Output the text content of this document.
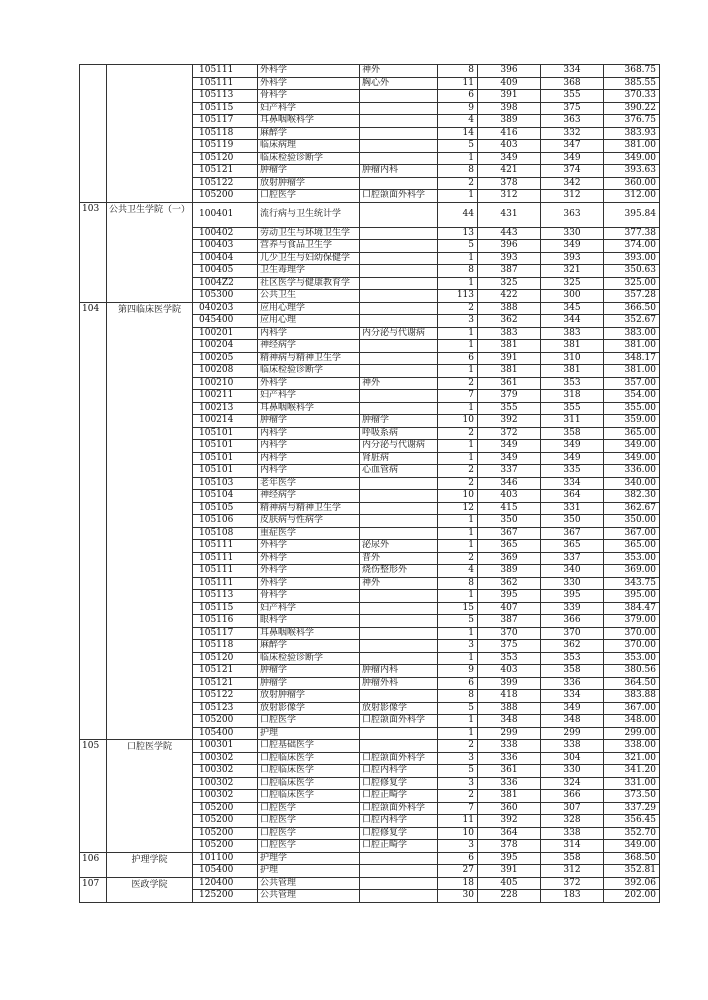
		105111	外科学	神外	8	396	334	368.75
		105111	外科学	胸心外	11	409	368	385.55
		105113	骨科学		6	391	355	370.33
		105115	妇产科学		9	398	375	390.22
		105117	耳鼻咽喉科学		4	389	363	376.75
		105118	麻醉学		14	416	332	383.93
		105119	临床病理		5	403	347	381.00
		105120	临床检验诊断学		1	349	349	349.00
		105121	肿瘤学	肿瘤内科	8	421	374	393.63
		105122	放射肿瘤学		2	378	342	360.00
		105200	口腔医学	口腔颌面外科学	1	312	312	312.00
103	公共卫生学院（一）	100401	流行病与卫生统计学		44	431	363	395.84
		100402	劳动卫生与环境卫生学		13	443	330	377.38
		100403	营养与食品卫生学		5	396	349	374.00
		100404	儿少卫生与妇幼保健学		1	393	393	393.00
		100405	卫生毒理学		8	387	321	350.63
		1004Z2	社区医学与健康教育学		1	325	325	325.00
		105300	公共卫生		113	422	300	357.28
104	第四临床医学院	040203	应用心理学		2	388	345	366.50
		045400	应用心理		3	362	344	352.67
		100201	内科学	内分泌与代谢病	1	383	383	383.00
		100204	神经病学		1	381	381	381.00
		100205	精神病与精神卫生学		6	391	310	348.17
		100208	临床检验诊断学		1	381	381	381.00
		100210	外科学	神外	2	361	353	357.00
		100211	妇产科学		7	379	318	354.00
		100213	耳鼻咽喉科学		1	355	355	355.00
		100214	肿瘤学	肿瘤学	10	392	311	359.00
		105101	内科学	呼吸系病	2	372	358	365.00
		105101	内科学	内分泌与代谢病	1	349	349	349.00
		105101	内科学	肾脏病	1	349	349	349.00
		105101	内科学	心血管病	2	337	335	336.00
		105103	老年医学		2	346	334	340.00
		105104	神经病学		10	403	364	382.30
		105105	精神病与精神卫生学		12	415	331	362.67
		105106	皮肤病与性病学		1	350	350	350.00
		105108	重症医学		1	367	367	367.00
		105111	外科学	泌尿外	1	365	365	365.00
		105111	外科学	普外	2	369	337	353.00
		105111	外科学	烧伤整形外	4	389	340	369.00
		105111	外科学	神外	8	362	330	343.75
		105113	骨科学		1	395	395	395.00
		105115	妇产科学		15	407	339	384.47
		105116	眼科学		5	387	366	379.00
		105117	耳鼻咽喉科学		1	370	370	370.00
		105118	麻醉学		3	375	362	370.00
		105120	临床检验诊断学		1	353	353	353.00
		105121	肿瘤学	肿瘤内科	9	403	358	380.56
		105121	肿瘤学	肿瘤外科	6	399	336	364.50
		105122	放射肿瘤学		8	418	334	383.88
		105123	放射影像学	放射影像学	5	388	349	367.00
		105200	口腔医学	口腔颌面外科学	1	348	348	348.00
		105400	护理		1	299	299	299.00
105	口腔医学院	100301	口腔基础医学		2	338	338	338.00
		100302	口腔临床医学	口腔颌面外科学	3	336	304	321.00
		100302	口腔临床医学	口腔内科学	5	361	330	341.20
		100302	口腔临床医学	口腔修复学	3	336	324	331.00
		100302	口腔临床医学	口腔正畸学	2	381	366	373.50
		105200	口腔医学	口腔颌面外科学	7	360	307	337.29
		105200	口腔医学	口腔内科学	11	392	328	356.45
		105200	口腔医学	口腔修复学	10	364	338	352.70
		105200	口腔医学	口腔正畸学	3	378	314	349.00
106	护理学院	101100	护理学		6	395	358	368.50
		105400	护理		27	391	312	352.81
107	医政学院	120400	公共管理		18	405	372	392.06
		125200	公共管理		30	228	183	202.00
